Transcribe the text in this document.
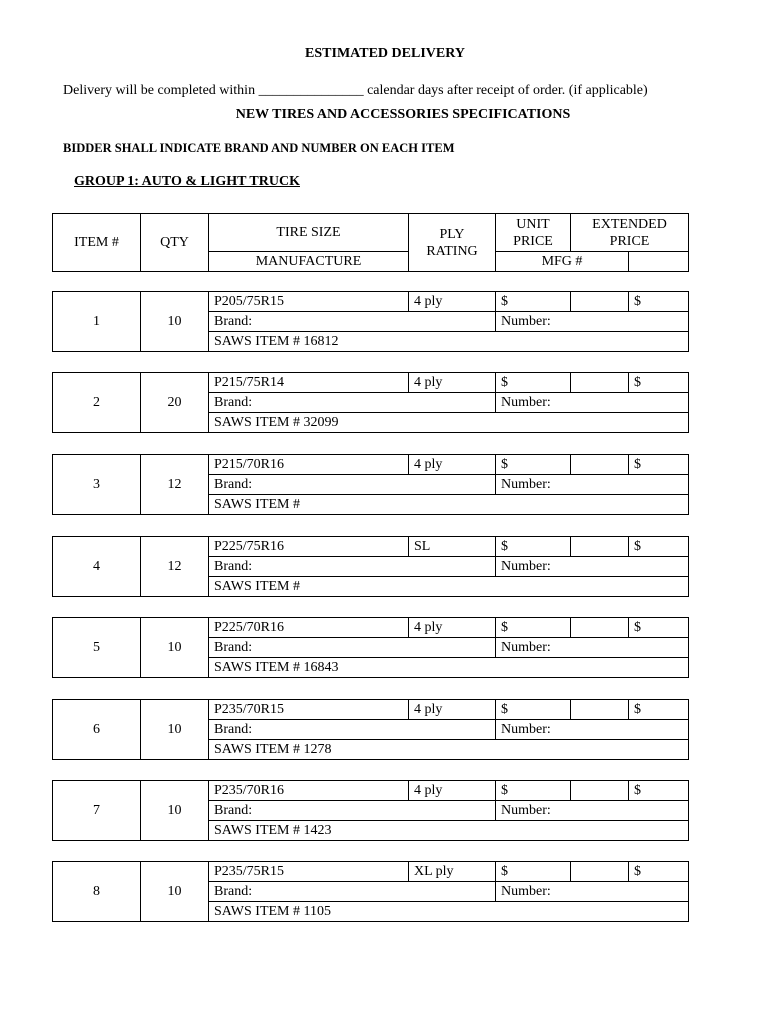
ESTIMATED DELIVERY
Delivery will be completed within _______________ calendar days after receipt of order. (if applicable)
NEW TIRES AND ACCESSORIES SPECIFICATIONS
BIDDER SHALL INDICATE BRAND AND NUMBER ON EACH ITEM
GROUP 1: AUTO & LIGHT TRUCK
ITEM #	QTY	TIRE SIZE	PLY RATING	UNIT PRICE	EXTENDED PRICE	
		MANUFACTURE		MFG #		
1	10	P205/75R15	4 ply	$		$
		Brand:		Number:		
		SAWS ITEM # 16812				
2	20	P215/75R14	4 ply	$		$
		Brand:		Number:		
		SAWS ITEM # 32099				
3	12	P215/70R16	4 ply	$		$
		Brand:		Number:		
		SAWS ITEM #				
4	12	P225/75R16	SL	$		$
		Brand:		Number:		
		SAWS ITEM #				
5	10	P225/70R16	4 ply	$		$
		Brand:		Number:		
		SAWS ITEM # 16843				
6	10	P235/70R15	4 ply	$		$
		Brand:		Number:		
		SAWS ITEM # 1278				
7	10	P235/70R16	4 ply	$		$
		Brand:		Number:		
		SAWS ITEM # 1423				
8	10	P235/75R15	XL ply	$		$
		Brand:		Number:		
		SAWS ITEM # 1105				
